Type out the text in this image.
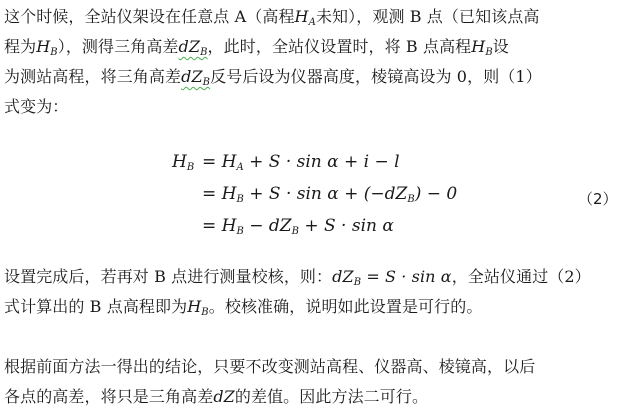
这个时候，全站仪架设在任意点 A（高程$H_A$未知），观测 B 点（已知该点高
程为$H_B$），测得三角高差$dZ_B$，此时，全站仪设置时，将 B 点高程$H_B$设
为测站高程，将三角高差$dZ_B$反号后设为仪器高度，棱镜高设为 0，则（1）
式变为：
$H_B = H_A + S \cdot \sin \alpha + i - l$
= $H_B + S \cdot \sin \alpha + (-dZ_B) - 0$
= $H_B - dZ_B + S \cdot \sin \alpha$
（2）
设置完成后，若再对 B 点进行测量校核，则：$dZ_B = S \cdot \sin \alpha$，全站仪通过（2）
式计算出的 B 点高程即为$H_B$。校核准确，说明如此设置是可行的。
根据前面方法一得出的结论，只要不改变测站高程、仪器高、棱镜高，以后
各点的高差，将只是三角高差dZ的差值。因此方法二可行。
